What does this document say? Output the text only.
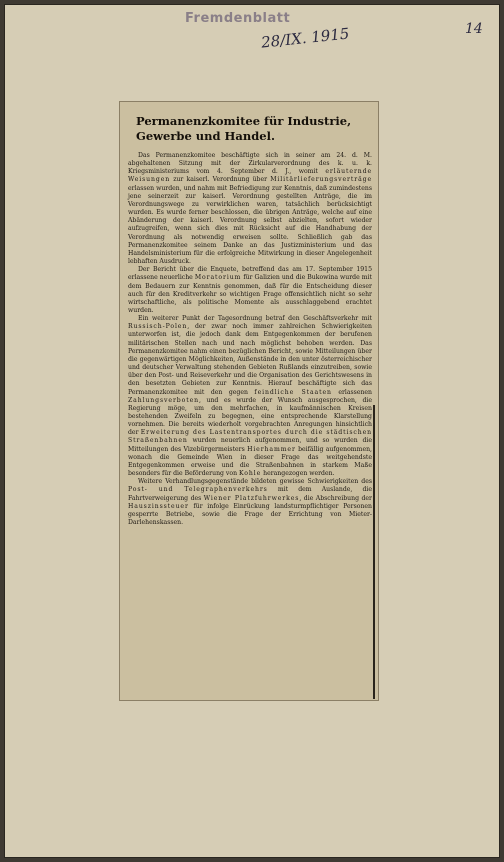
Fremdenblatt
28/IX. 1915	14
Permanenzkomitee für Industrie, Gewerbe und Handel.

Das Permanenzkomitee beschäftigte sich in seiner am 24. d. M. abgehaltenen Sitzung mit der Zirkularverordnung des k. u. k. Kriegsministeriums vom 4. September d. J., womit erläuternde Weisungen zur kaiserl. Verordnung über Militärlieferungsverträge erlassen wurden, und nahm mit Befriedigung zur Kenntnis, daß zumindestens jene seinerzeit zur kaiserl. Verordnung gestellten Anträge, die im Verordnungswege zu verwirklichen waren, tatsächlich berücksichtigt wurden. Es wurde ferner beschlossen, die übrigen Anträge, welche auf eine Abänderung der kaiserl. Verordnung selbst abzielten, sofort wieder aufzugreifen, wenn sich dies mit Rücksicht auf die Handhabung der Verordnung als notwendig erweisen sollte. Schließlich gab das Permanenzkomitee seinem Danke an das Justizministerium und das Handelsministerium für die erfolgreiche Mitwirkung in dieser Angelegenheit lebhaften Ausdruck.

Der Bericht über die Enquete, betreffend das am 17. September 1915 erlassene neuerliche Moratorium für Galizien und die Bukowina wurde mit dem Bedauern zur Kenntnis genommen, daß für die Entscheidung dieser auch für den Kreditverkehr so wichtigen Frage offensichtlich nicht so sehr wirtschaftliche, als politische Momente als ausschlaggebend erachtet wurden.

Ein weiterer Punkt der Tagesordnung betraf den Geschäftsverkehr mit Russisch-Polen, der zwar noch immer zahlreichen Schwierigkeiten unterworfen ist, die jedoch dank dem Entgegenkommen der berufenen militärischen Stellen nach und nach möglichst behoben werden. Das Permanenzkomitee nahm einen bezüglichen Bericht, sowie Mitteilungen über die gegenwärtigen Möglichkeiten, Außenstände in den unter österreichischer und deutscher Verwaltung stehenden Gebieten Rußlands einzutreiben, sowie über den Post- und Reiseverkehr und die Organisation des Gerichtswesens in den besetzten Gebieten zur Kenntnis. Hierauf beschäftigte sich das Permanenzkomitee mit den gegen feindliche Staaten erlassenen Zahlungsverboten, und es wurde der Wunsch ausgesprochen, die Regierung möge, um den mehrfachen, in kaufmännischen Kreisen bestehenden Zweifeln zu begegnen, eine entsprechende Klarstellung vornehmen. Die bereits wiederholt vorgebrachten Anregungen hinsichtlich der Erweiterung des Lastentransportes durch die städtischen Straßenbahnen wurden neuerlich aufgenommen, und so wurden die Mitteilungen des Vizebürgermeisters Hierhammer beifällig aufgenommen, wonach die Gemeinde Wien in dieser Frage das weitgehendste Entgegenkommen erweise und die Straßenbahnen in starkem Maße besonders für die Beförderung von Kohle herangezogen werden.

Weitere Verhandlungsgegenstände bildeten gewisse Schwierigkeiten des Post- und Telegraphenverkehrs mit dem Auslande, die Fahrtverweigerung des Wiener Platzfuhrwerkes, die Abschreibung der Hauszinssteuer für infolge Einrückung landsturmpflichtiger Personen gesperrte Betriebe, sowie die Frage der Errichtung von Mieter-Darlehenskassen.
